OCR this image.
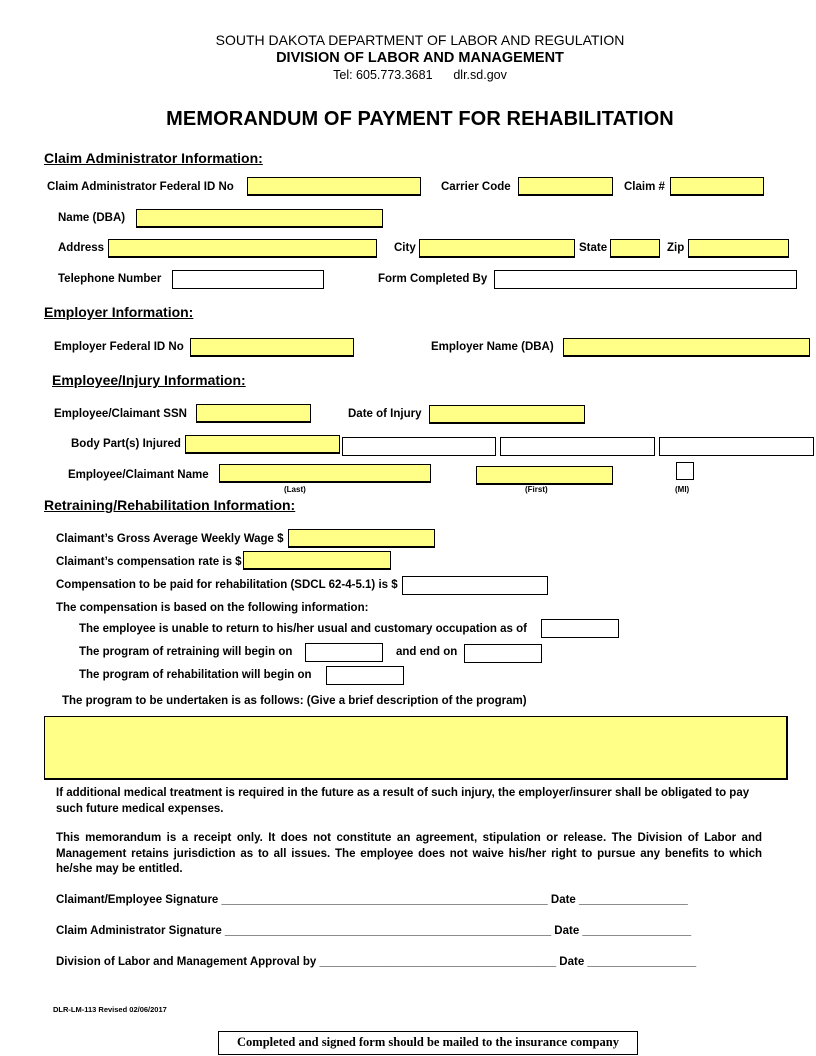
SOUTH DAKOTA DEPARTMENT OF LABOR AND REGULATION
DIVISION OF LABOR AND MANAGEMENT
Tel: 605.773.3681      dlr.sd.gov
MEMORANDUM OF PAYMENT FOR REHABILITATION
Claim Administrator Information:
Claim Administrator Federal ID No	Carrier Code	Claim #
Name (DBA)
Address	City	State	Zip
Telephone Number	Form Completed By
Employer Information:
Employer Federal ID No	Employer Name (DBA)
Employee/Injury Information:
Employee/Claimant SSN	Date of Injury
Body Part(s) Injured
Employee/Claimant Name
(Last)	(First)	(MI)
Retraining/Rehabilitation Information:
Claimant’s Gross Average Weekly Wage $
Claimant’s compensation rate is $
Compensation to be paid for rehabilitation (SDCL 62-4-5.1) is $
The compensation is based on the following information:
The employee is unable to return to his/her usual and customary occupation as of
The program of retraining will begin on	and end on
The program of rehabilitation will begin on
The program to be undertaken is as follows: (Give a brief description of the program)
If additional medical treatment is required in the future as a result of such injury, the employer/insurer shall be obligated to pay such future medical expenses.
This memorandum is a receipt only. It does not constitute an agreement, stipulation or release. The Division of Labor and Management retains jurisdiction as to all issues. The employee does not waive his/her right to pursue any benefits to which he/she may be entitled.
Claimant/Employee Signature ___________________________________________________ Date _________________
Claim Administrator Signature ___________________________________________________ Date _________________
Division of Labor and Management Approval by _____________________________________ Date _________________
DLR-LM-113 Revised 02/06/2017
Completed and signed form should be mailed to the insurance company
